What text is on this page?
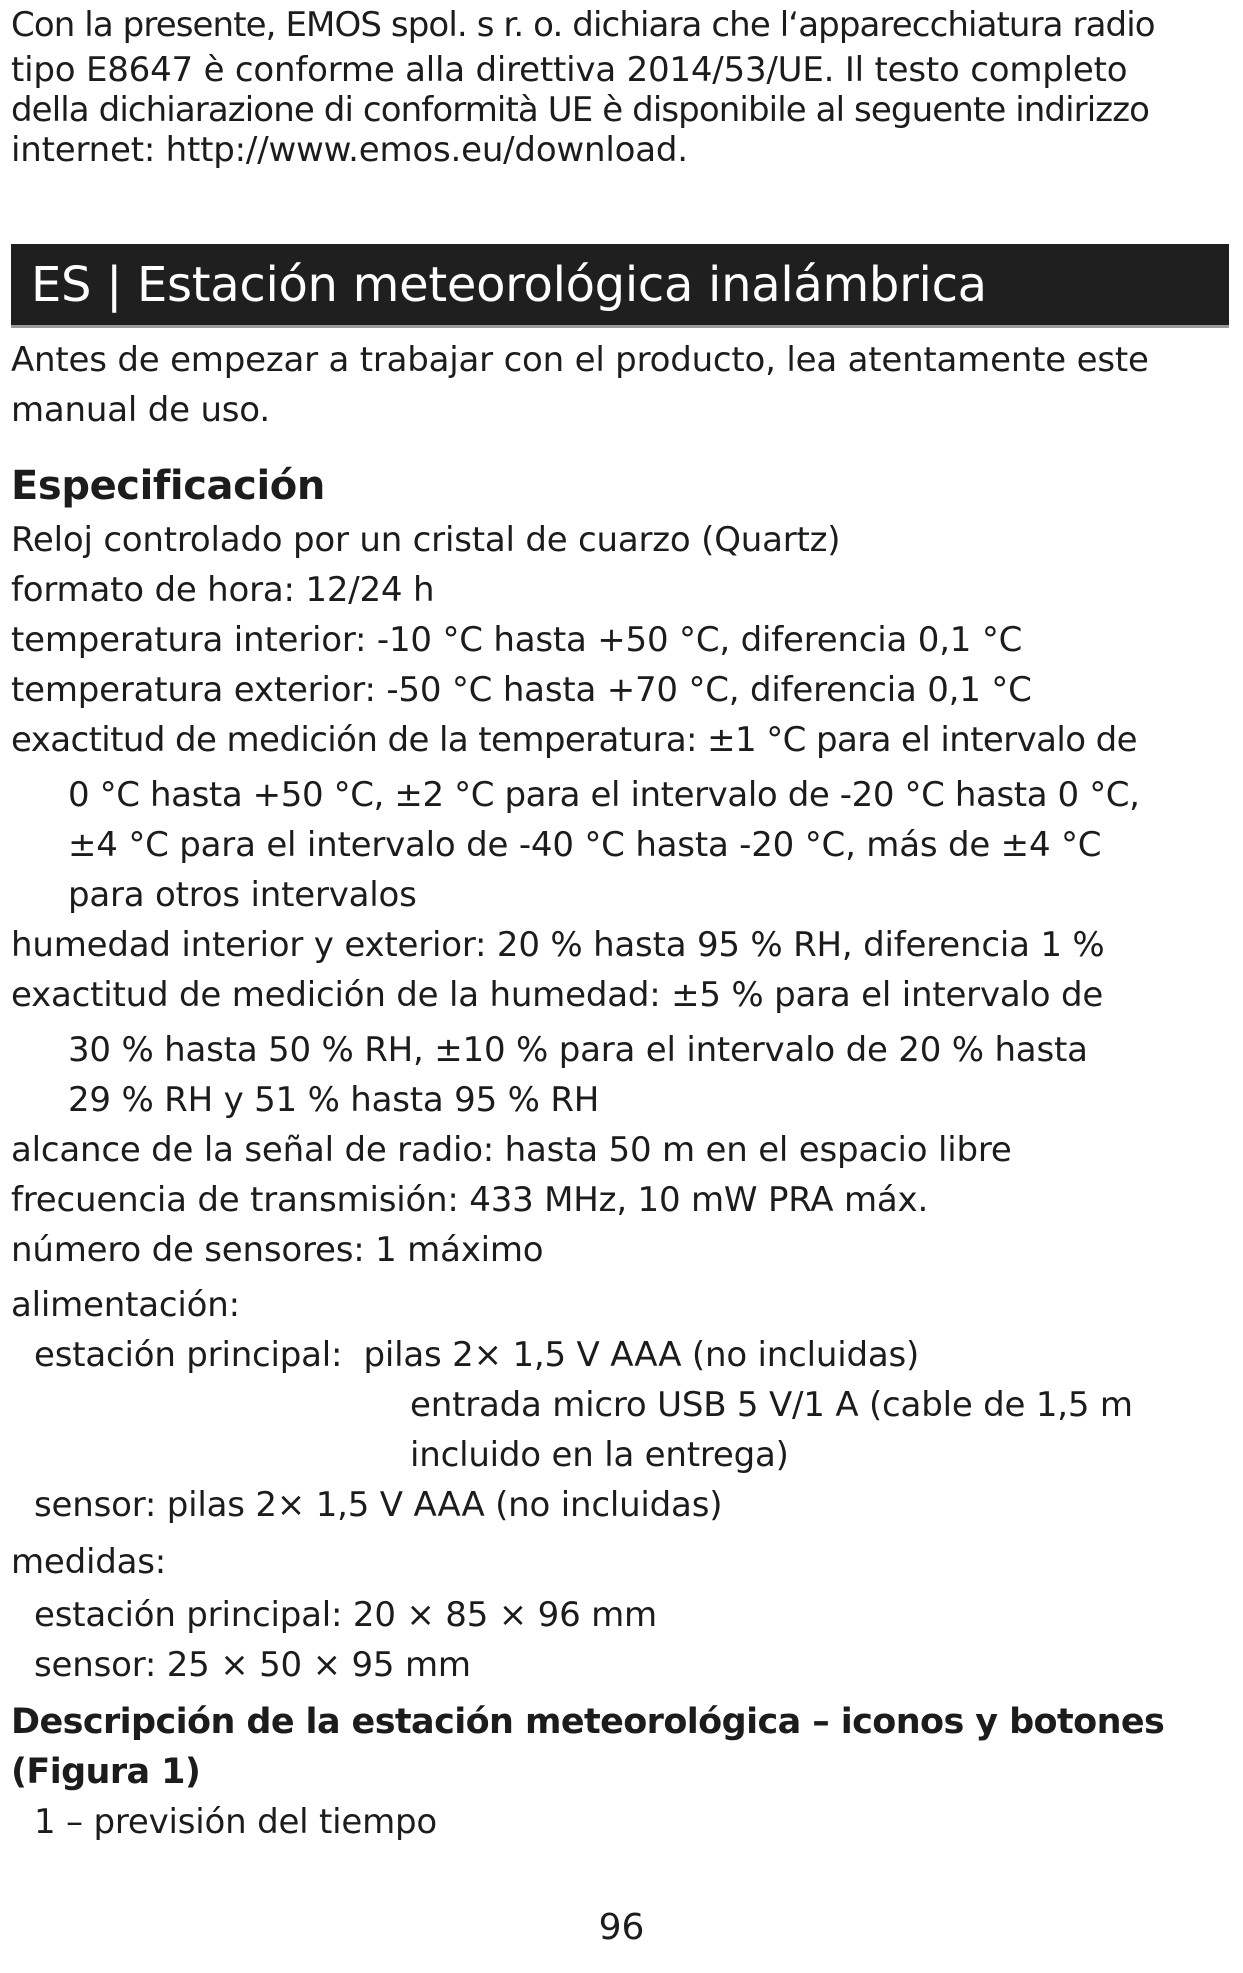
Con la presente, EMOS spol. s r. o. dichiara che l‘apparecchiatura radio
tipo E8647 è conforme alla direttiva 2014/53/UE. Il testo completo
della dichiarazione di conformità UE è disponibile al seguente indirizzo
internet: http://www.emos.eu/download.
ES | Estación meteorológica inalámbrica
Antes de empezar a trabajar con el producto, lea atentamente este
manual de uso.
Especificación
Reloj controlado por un cristal de cuarzo (Quartz)
formato de hora: 12/24 h
temperatura interior: -10 °C hasta +50 °C, diferencia 0,1 °C
temperatura exterior: -50 °C hasta +70 °C, diferencia 0,1 °C
exactitud de medición de la temperatura: ±1 °C para el intervalo de
0 °C hasta +50 °C, ±2 °C para el intervalo de -20 °C hasta 0 °C,
±4 °C para el intervalo de -40 °C hasta -20 °C, más de ±4 °C
para otros intervalos
humedad interior y exterior: 20 % hasta 95 % RH, diferencia 1 %
exactitud de medición de la humedad: ±5 % para el intervalo de
30 % hasta 50 % RH, ±10 % para el intervalo de 20 % hasta
29 % RH y 51 % hasta 95 % RH
alcance de la señal de radio: hasta 50 m en el espacio libre
frecuencia de transmisión: 433 MHz, 10 mW PRA máx.
número de sensores: 1 máximo
alimentación:
estación principal:  pilas 2× 1,5 V AAA (no incluidas)
entrada micro USB 5 V/1 A (cable de 1,5 m
incluido en la entrega)
sensor: pilas 2× 1,5 V AAA (no incluidas)
medidas:
estación principal: 20 × 85 × 96 mm
sensor: 25 × 50 × 95 mm
Descripción de la estación meteorológica – iconos y botones
(Figura 1)
1 – previsión del tiempo
96
